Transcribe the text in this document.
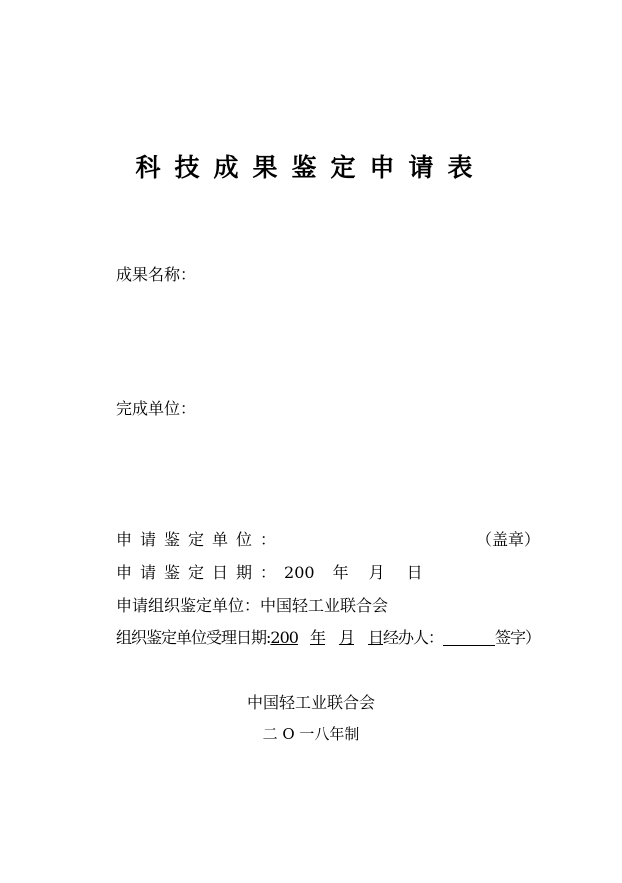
科技成果鉴定申请表
成果名称：
完成单位：
申请鉴定单位：	（盖章）
申请鉴定日期：200 年 月 日
申请组织鉴定单位：中国轻工业联合会
组织鉴定单位受理日期:200 年 月 日经办人：	签字）
中国轻工业联合会
二 O 一八年制
